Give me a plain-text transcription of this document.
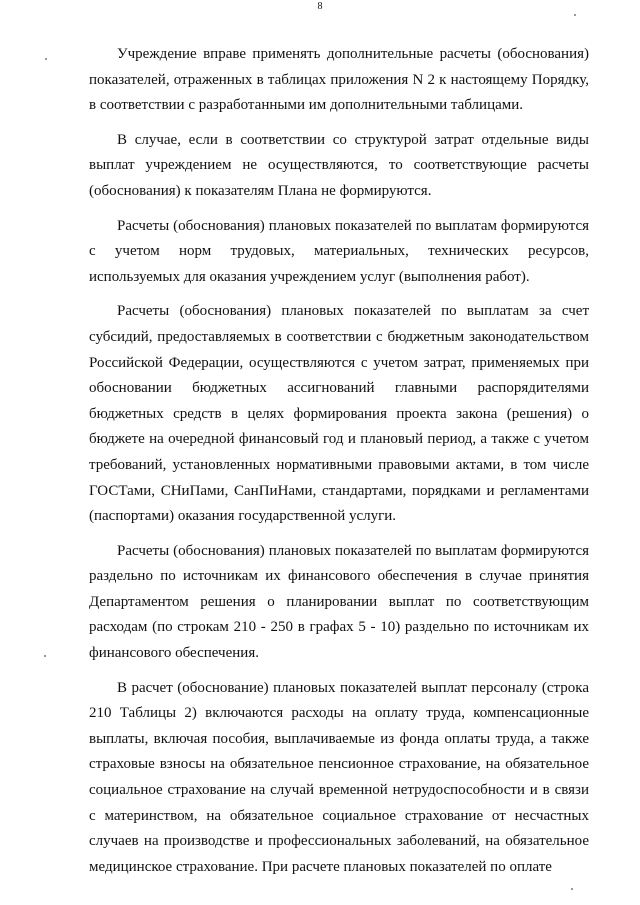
8

Учреждение вправе применять дополнительные расчеты (обоснования) показателей, отраженных в таблицах приложения N 2 к настоящему Порядку, в соответствии с разработанными им дополнительными таблицами.

В случае, если в соответствии со структурой затрат отдельные виды выплат учреждением не осуществляются, то соответствующие расчеты (обоснования) к показателям Плана не формируются.

Расчеты (обоснования) плановых показателей по выплатам формируются с учетом норм трудовых, материальных, технических ресурсов, используемых для оказания учреждением услуг (выполнения работ).

Расчеты (обоснования) плановых показателей по выплатам за счет субсидий, предоставляемых в соответствии с бюджетным законодательством Российской Федерации, осуществляются с учетом затрат, применяемых при обосновании бюджетных ассигнований главными распорядителями бюджетных средств в целях формирования проекта закона (решения) о бюджете на очередной финансовый год и плановый период, а также с учетом требований, установленных нормативными правовыми актами, в том числе ГОСТами, СНиПами, СанПиНами, стандартами, порядками и регламентами (паспортами) оказания государственной услуги.

Расчеты (обоснования) плановых показателей по выплатам формируются раздельно по источникам их финансового обеспечения в случае принятия Департаментом решения о планировании выплат по соответствующим расходам (по строкам 210 - 250 в графах 5 - 10) раздельно по источникам их финансового обеспечения.

В расчет (обоснование) плановых показателей выплат персоналу (строка 210 Таблицы 2) включаются расходы на оплату труда, компенсационные выплаты, включая пособия, выплачиваемые из фонда оплаты труда, а также страховые взносы на обязательное пенсионное страхование, на обязательное социальное страхование на случай временной нетрудоспособности и в связи с материнством, на обязательное социальное страхование от несчастных случаев на производстве и профессиональных заболеваний, на обязательное медицинское страхование. При расчете плановых показателей по оплате
